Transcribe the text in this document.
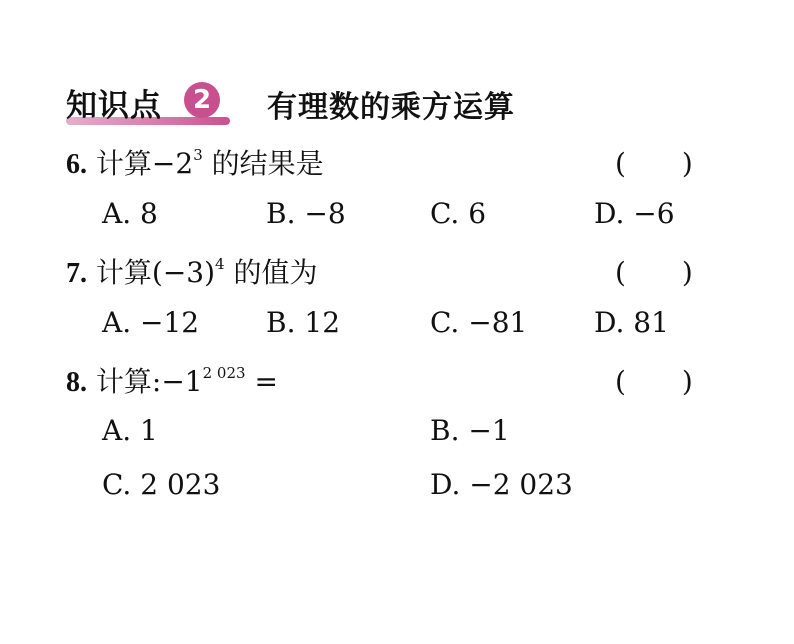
知识点	2 有理数的乘方运算
6. 计算$-2^3$ 的结果是	(　　)
A. 8	B. −8	C. 6	D. −6
7. 计算$(-3)^4$ 的值为	(　　)
A. −12 B. 12	C. −81 D. 81
8. 计算$:-1^{2 023}$ =	(　　)
A. 1	B. −1
C. 2 023	D. −2 023
